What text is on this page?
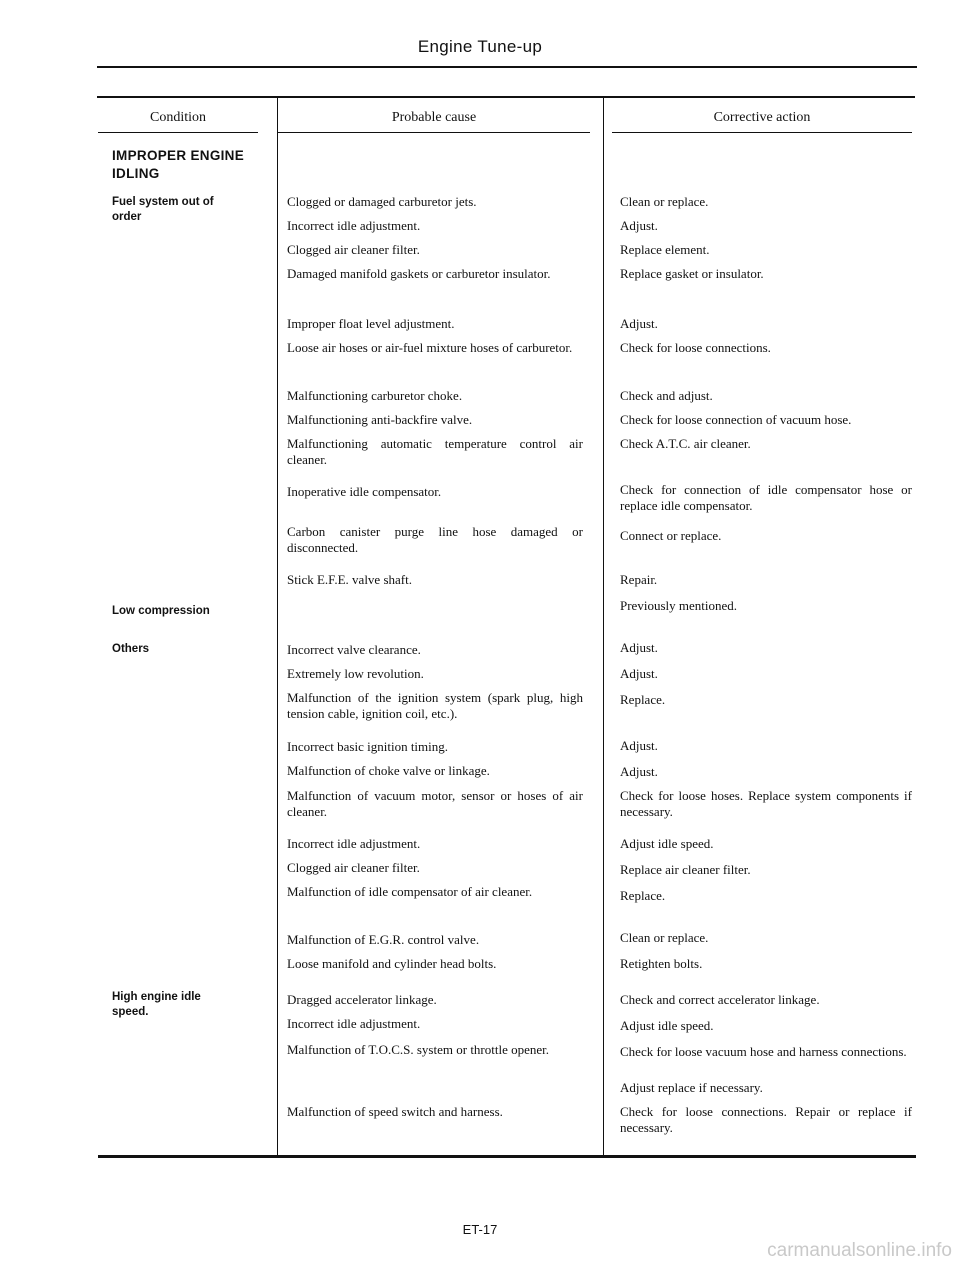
Engine Tune-up
Condition	Probable cause	Corrective action
IMPROPER ENGINE IDLING
Fuel system out of order
Low compression
Others
High engine idle speed.
Clogged or damaged carburetor jets.
Incorrect idle adjustment.
Clogged air cleaner filter.
Damaged manifold gaskets or carburetor insulator.
Improper float level adjustment.
Loose air hoses or air-fuel mixture hoses of carburetor.
Malfunctioning carburetor choke.
Malfunctioning anti-backfire valve.
Malfunctioning automatic temperature control air cleaner.
Inoperative idle compensator.
Carbon canister purge line hose damaged or disconnected.
Stick E.F.E. valve shaft.
Incorrect valve clearance.
Extremely low revolution.
Malfunction of the ignition system (spark plug, high tension cable, ignition coil, etc.).
Incorrect basic ignition timing.
Malfunction of choke valve or linkage.
Malfunction of vacuum motor, sensor or hoses of air cleaner.
Incorrect idle adjustment.
Clogged air cleaner filter.
Malfunction of idle compensator of air cleaner.
Malfunction of E.G.R. control valve.
Loose manifold and cylinder head bolts.
Dragged accelerator linkage.
Incorrect idle adjustment.
Malfunction of T.O.C.S. system or throttle opener.
Malfunction of speed switch and harness.
Clean or replace.
Adjust.
Replace element.
Replace gasket or insulator.
Adjust.
Check for loose connections.
Check and adjust.
Check for loose connection of vacuum hose.
Check A.T.C. air cleaner.
Check for connection of idle compensator hose or replace idle compensator.
Connect or replace.
Repair.
Previously mentioned.
Adjust.
Adjust.
Replace.
Adjust.
Adjust.
Check for loose hoses. Replace system components if necessary.
Adjust idle speed.
Replace air cleaner filter.
Replace.
Clean or replace.
Retighten bolts.
Check and correct accelerator linkage.
Adjust idle speed.
Check for loose vacuum hose and harness connections.
Adjust replace if necessary.
Check for loose connections. Repair or replace if necessary.
ET-17
carmanualsonline.info
